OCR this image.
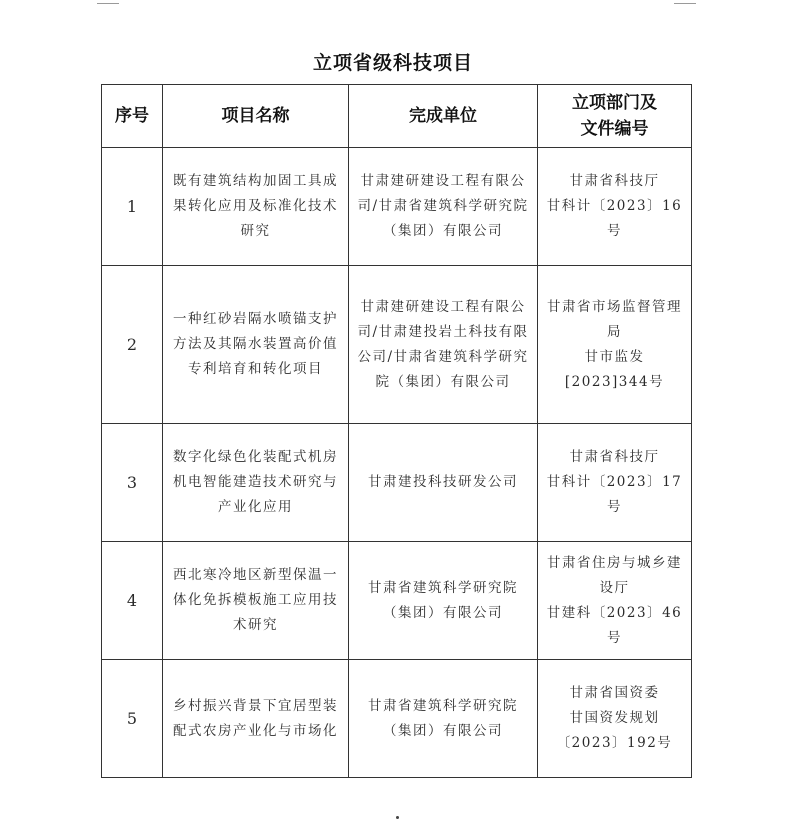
立项省级科技项目
序号	项目名称	完成单位	立项部门及
文件编号

1	既有建筑结构加固工具成果转化应用及标准化技术研究	甘肃建研建设工程有限公司/甘肃省建筑科学研究院（集团）有限公司	甘肃省科技厅
甘科计〔2023〕16 号

2	一种红砂岩隔水喷锚支护方法及其隔水装置高价值专利培育和转化项目	甘肃建研建设工程有限公司/甘肃建投岩土科技有限公司/甘肃省建筑科学研究院（集团）有限公司	甘肃省市场监督管理局
甘市监发[2023]344号

3	数字化绿色化装配式机房机电智能建造技术研究与产业化应用	甘肃建投科技研发公司	甘肃省科技厅
甘科计〔2023〕17 号

4	西北寒冷地区新型保温一体化免拆模板施工应用技术研究	甘肃省建筑科学研究院（集团）有限公司	甘肃省住房与城乡建设厅
甘建科〔2023〕46 号

5	乡村振兴背景下宜居型装配式农房产业化与市场化	甘肃省建筑科学研究院（集团）有限公司	甘肃省国资委
甘国资发规划〔2023〕192号
